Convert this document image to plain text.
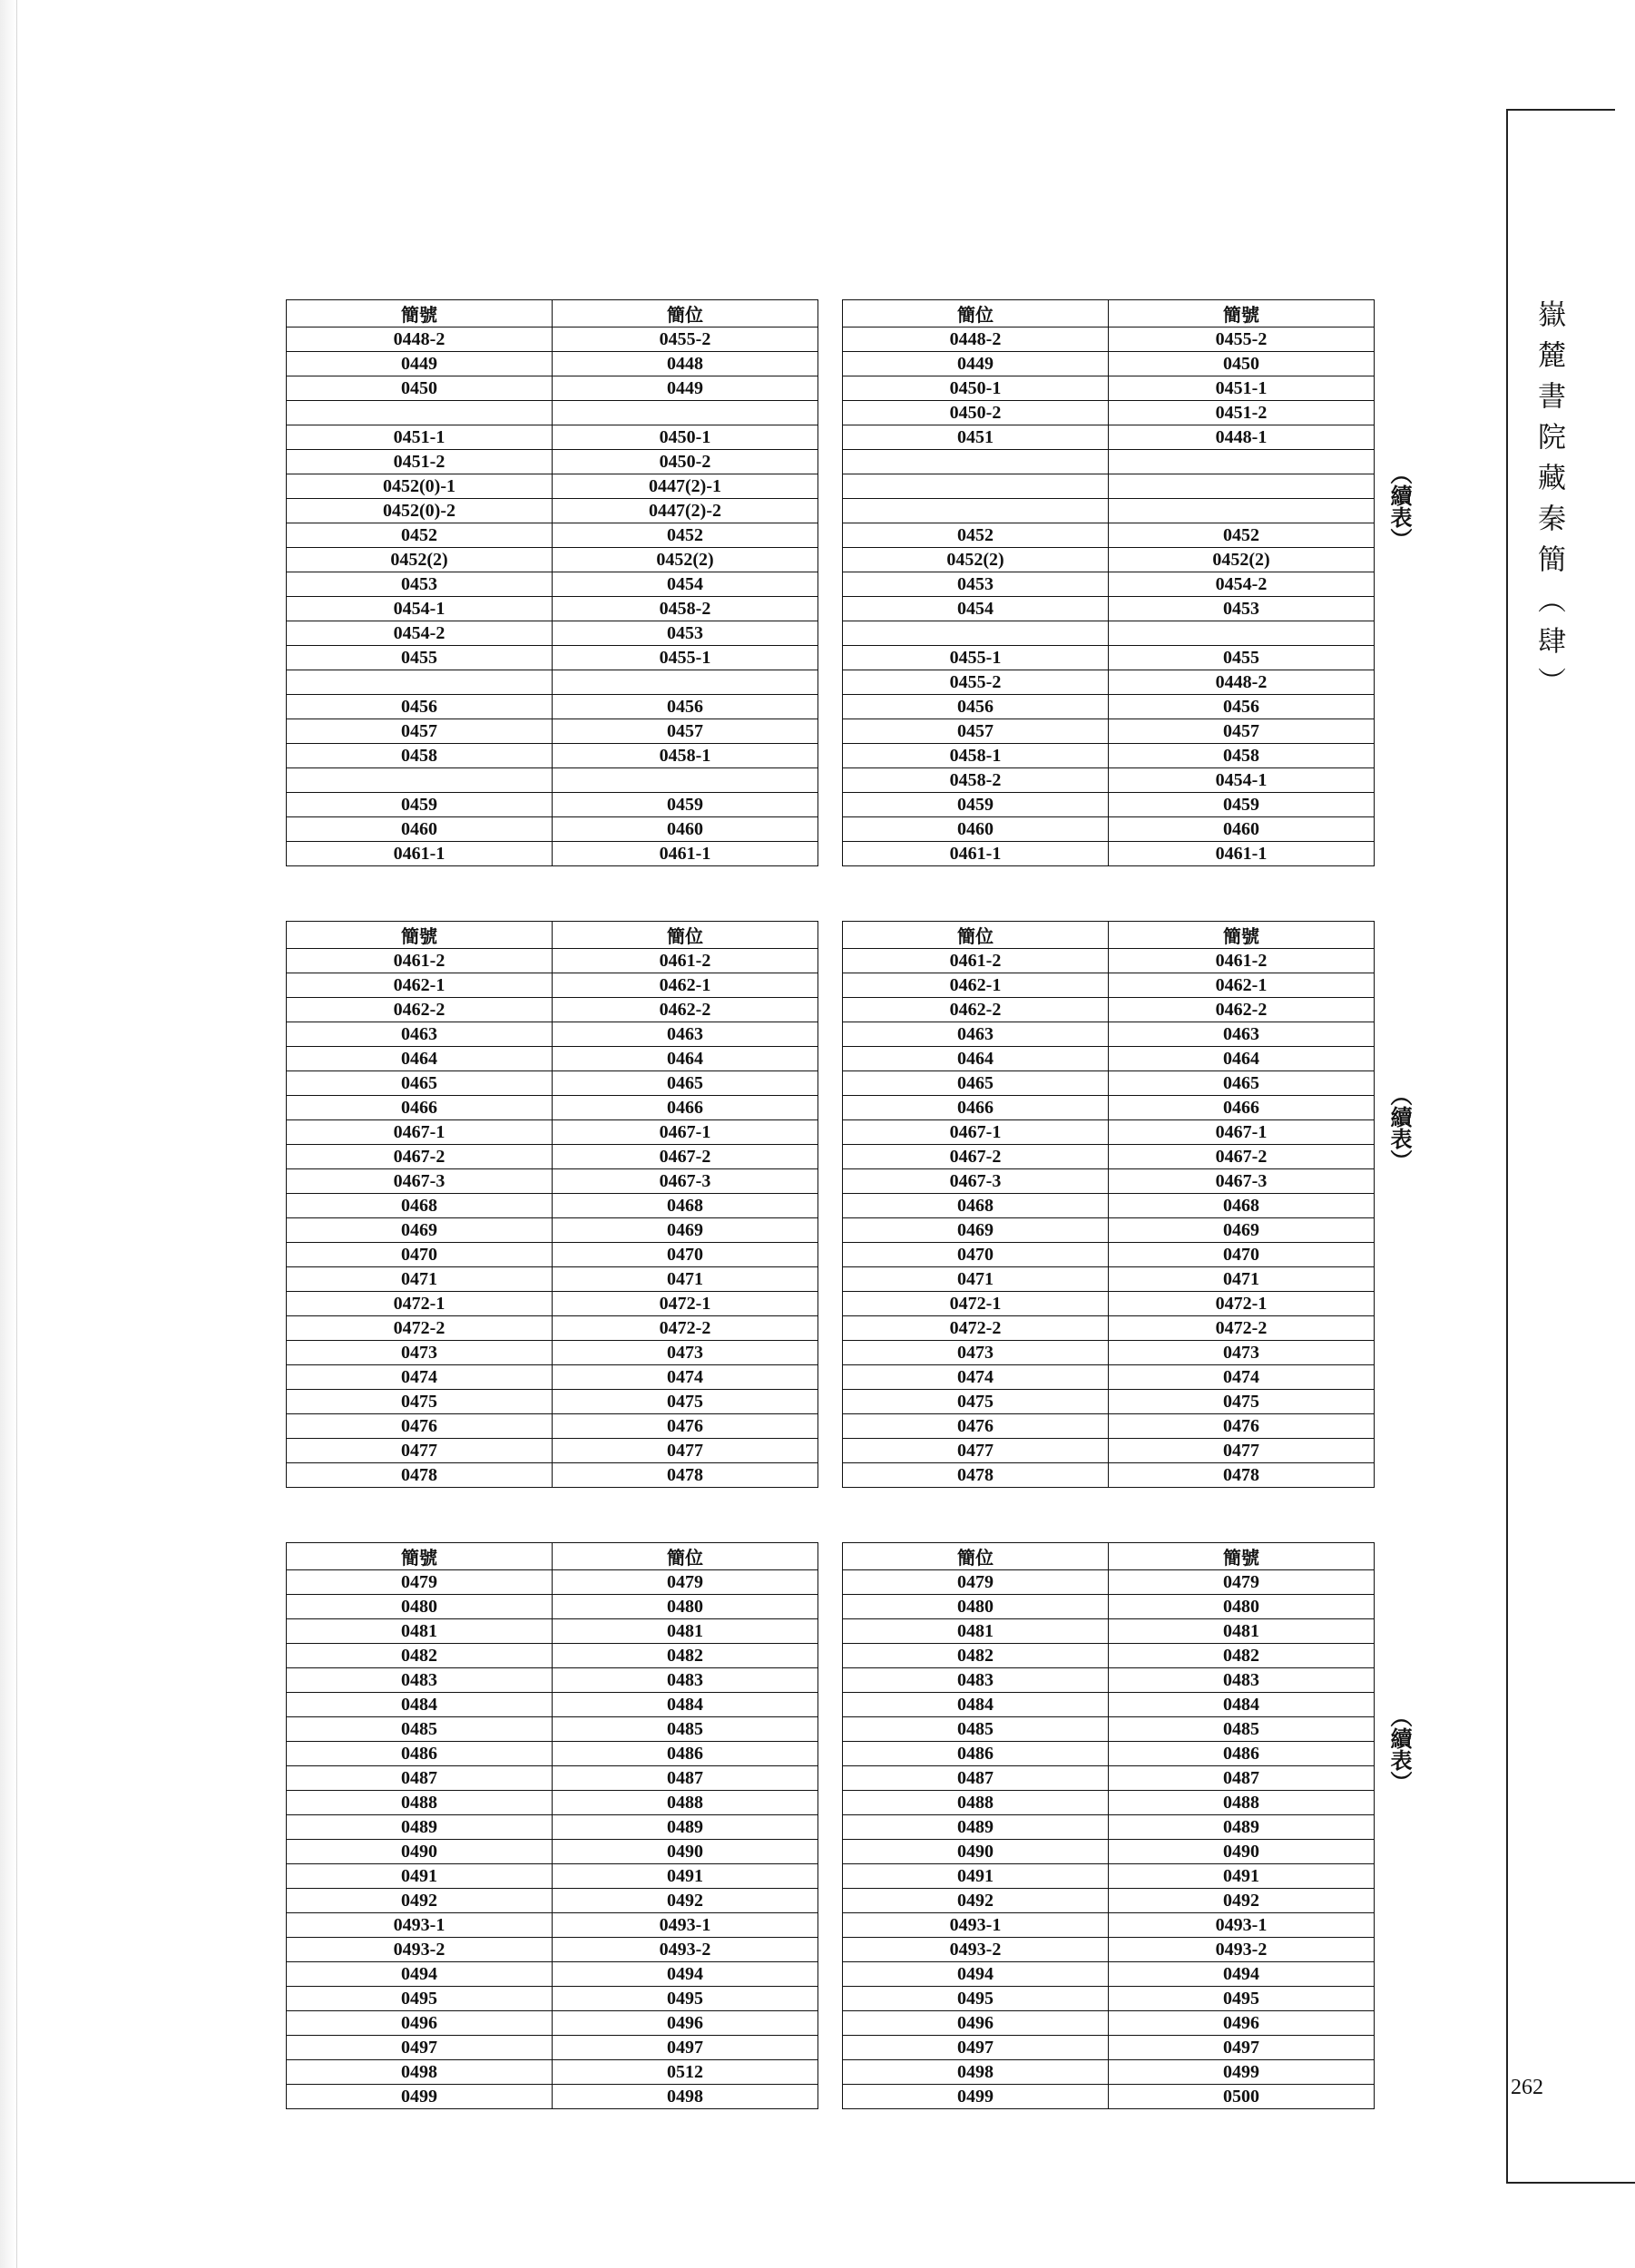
嶽麓書院藏秦簡（肆）
262
（續表）
簡號	簡位		簡位	簡號
0448-2	0455-2		0448-2	0455-2
0449	0448		0449	0450
0450	0449		0450-1	0451-1
			0450-2	0451-2
0451-1	0450-1		0451	0448-1
0451-2	0450-2			
0452(0)-1	0447(2)-1			
0452(0)-2	0447(2)-2			
0452	0452		0452	0452
0452(2)	0452(2)		0452(2)	0452(2)
0453	0454		0453	0454-2
0454-1	0458-2		0454	0453
0454-2	0453			
0455	0455-1		0455-1	0455
			0455-2	0448-2
0456	0456		0456	0456
0457	0457		0457	0457
0458	0458-1		0458-1	0458
			0458-2	0454-1
0459	0459		0459	0459
0460	0460		0460	0460
0461-1	0461-1		0461-1	0461-1
（續表）
簡號	簡位		簡位	簡號
0461-2	0461-2		0461-2	0461-2
0462-1	0462-1		0462-1	0462-1
0462-2	0462-2		0462-2	0462-2
0463	0463		0463	0463
0464	0464		0464	0464
0465	0465		0465	0465
0466	0466		0466	0466
0467-1	0467-1		0467-1	0467-1
0467-2	0467-2		0467-2	0467-2
0467-3	0467-3		0467-3	0467-3
0468	0468		0468	0468
0469	0469		0469	0469
0470	0470		0470	0470
0471	0471		0471	0471
0472-1	0472-1		0472-1	0472-1
0472-2	0472-2		0472-2	0472-2
0473	0473		0473	0473
0474	0474		0474	0474
0475	0475		0475	0475
0476	0476		0476	0476
0477	0477		0477	0477
0478	0478		0478	0478
（續表）
簡號	簡位		簡位	簡號
0479	0479		0479	0479
0480	0480		0480	0480
0481	0481		0481	0481
0482	0482		0482	0482
0483	0483		0483	0483
0484	0484		0484	0484
0485	0485		0485	0485
0486	0486		0486	0486
0487	0487		0487	0487
0488	0488		0488	0488
0489	0489		0489	0489
0490	0490		0490	0490
0491	0491		0491	0491
0492	0492		0492	0492
0493-1	0493-1		0493-1	0493-1
0493-2	0493-2		0493-2	0493-2
0494	0494		0494	0494
0495	0495		0495	0495
0496	0496		0496	0496
0497	0497		0497	0497
0498	0512		0498	0499
0499	0498		0499	0500
